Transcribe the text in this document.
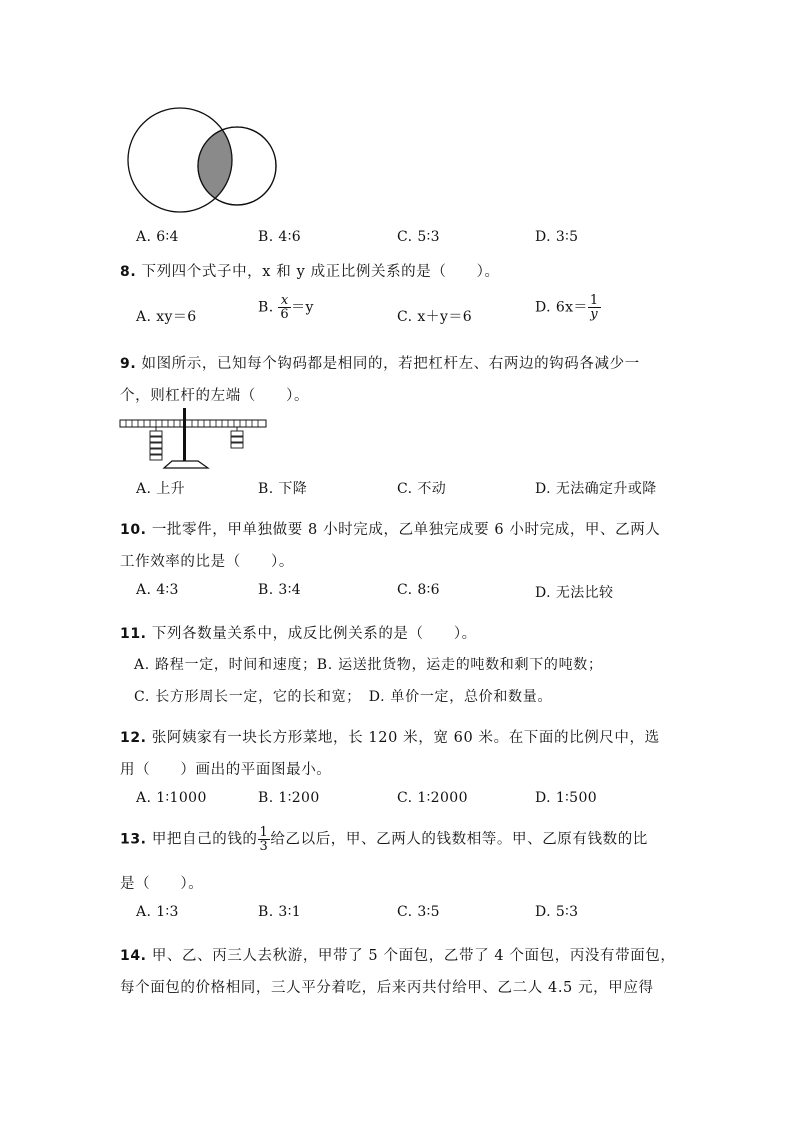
A. 6∶4	B. 4∶6	C. 5∶3	D. 3∶5
8. 下列四个式子中，x 和 y 成正比例关系的是（　　）。
A. xy＝6
B. $\frac{x}{6} =y$
C. x＋y＝6
D. $6x= \frac{1}{y}$
9. 如图所示，已知每个钩码都是相同的，若把杠杆左、右两边的钩码各减少一
个，则杠杆的左端（　　）。
A. 上升	B. 下降	C. 不动	D. 无法确定升或降
10. 一批零件，甲单独做要 8 小时完成，乙单独完成要 6 小时完成，甲、乙两人
工作效率的比是（　　）。
A. 4∶3	B. 3∶4	C. 8∶6	D. 无法比较
11. 下列各数量关系中，成反比例关系的是（　　）。
A. 路程一定，时间和速度；B. 运送批货物，运走的吨数和剩下的吨数；
C. 长方形周长一定，它的长和宽；　D. 单价一定，总价和数量。
12. 张阿姨家有一块长方形菜地，长 120 米，宽 60 米。在下面的比例尺中，选
用（　　）画出的平面图最小。
A. 1∶1000	B. 1∶200	C. 1∶2000	D. 1∶500
13. 甲把自己的钱的 $\frac{1}{3}$ 给乙以后，甲、乙两人的钱数相等。甲、乙原有钱数的比
是（　　）。
A. 1∶3	B. 3∶1	C. 3∶5	D. 5∶3
14. 甲、乙、丙三人去秋游，甲带了 5 个面包，乙带了 4 个面包，丙没有带面包，
每个面包的价格相同，三人平分着吃，后来丙共付给甲、乙二人 4.5 元，甲应得
